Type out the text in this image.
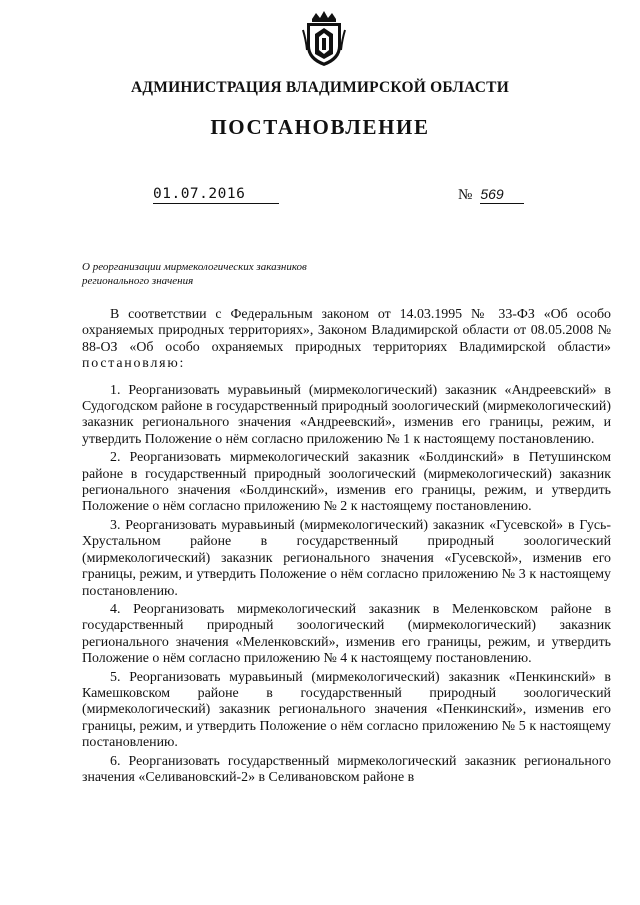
АДМИНИСТРАЦИЯ ВЛАДИМИРСКОЙ ОБЛАСТИ
ПОСТАНОВЛЕНИЕ
01.07.2016	№ 569
О реорганизации мирмекологических заказников
регионального значения

В соответствии с Федеральным законом от 14.03.1995 № 33-ФЗ «Об особо охраняемых природных территориях», Законом Владимирской области от 08.05.2008 № 88-ОЗ «Об особо охраняемых природных территориях Владимирской области» постановляю:

1. Реорганизовать муравьиный (мирмекологический) заказник «Андреевский» в Судогодском районе в государственный природный зоологический (мирмекологический) заказник регионального значения «Андреевский», изменив его границы, режим, и утвердить Положение о нём согласно приложению № 1 к настоящему постановлению.

2. Реорганизовать мирмекологический заказник «Болдинский» в Петушинском районе в государственный природный зоологический (мирмекологический) заказник регионального значения «Болдинский», изменив его границы, режим, и утвердить Положение о нём согласно приложению № 2 к настоящему постановлению.

3. Реорганизовать муравьиный (мирмекологический) заказник «Гусевской» в Гусь-Хрустальном районе в государственный природный зоологический (мирмекологический) заказник регионального значения «Гусевской», изменив его границы, режим, и утвердить Положение о нём согласно приложению № 3 к настоящему постановлению.

4. Реорганизовать мирмекологический заказник в Меленковском районе в государственный природный зоологический (мирмекологический) заказник регионального значения «Меленковский», изменив его границы, режим, и утвердить Положение о нём согласно приложению № 4 к настоящему постановлению.

5. Реорганизовать муравьиный (мирмекологический) заказник «Пенкинский» в Камешковском районе в государственный природный зоологический (мирмекологический) заказник регионального значения «Пенкинский», изменив его границы, режим, и утвердить Положение о нём согласно приложению № 5 к настоящему постановлению.

6. Реорганизовать государственный мирмекологический заказник регионального значения «Селивановский-2» в Селивановском районе в
